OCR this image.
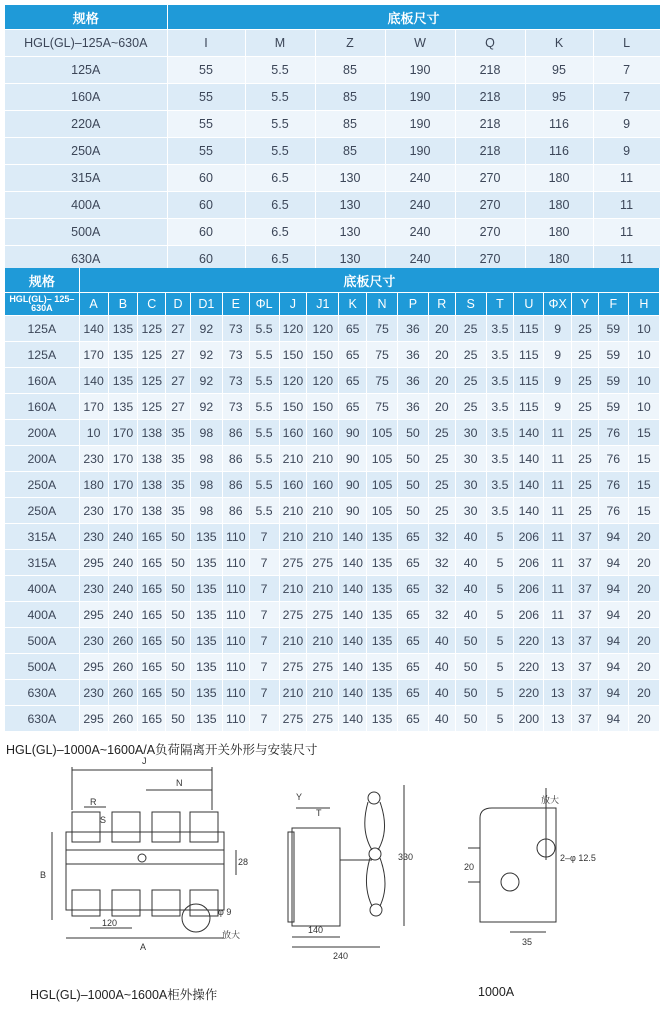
规格	底板尺寸						
HGL(GL)–125A~630A	I	M	Z	W	Q	K	L
125A	55	5.5	85	190	218	95	7
160A	55	5.5	85	190	218	95	7
220A	55	5.5	85	190	218	116	9
250A	55	5.5	85	190	218	116	9
315A	60	6.5	130	240	270	180	11
400A	60	6.5	130	240	270	180	11
500A	60	6.5	130	240	270	180	11
630A	60	6.5	130	240	270	180	11
规格	底板尺寸																			
HGL(GL)– 125–630A	A	B	C	D	D1	E	ΦL	J	J1	K	N	P	R	S	T	U	ΦX	Y	F	H
125A	140	135	125	27	92	73	5.5	120	120	65	75	36	20	25	3.5	115	9	25	59	10
125A	170	135	125	27	92	73	5.5	150	150	65	75	36	20	25	3.5	115	9	25	59	10
160A	140	135	125	27	92	73	5.5	120	120	65	75	36	20	25	3.5	115	9	25	59	10
160A	170	135	125	27	92	73	5.5	150	150	65	75	36	20	25	3.5	115	9	25	59	10
200A	10	170	138	35	98	86	5.5	160	160	90	105	50	25	30	3.5	140	11	25	76	15
200A	230	170	138	35	98	86	5.5	210	210	90	105	50	25	30	3.5	140	11	25	76	15
250A	180	170	138	35	98	86	5.5	160	160	90	105	50	25	30	3.5	140	11	25	76	15
250A	230	170	138	35	98	86	5.5	210	210	90	105	50	25	30	3.5	140	11	25	76	15
315A	230	240	165	50	135	110	7	210	210	140	135	65	32	40	5	206	11	37	94	20
315A	295	240	165	50	135	110	7	275	275	140	135	65	32	40	5	206	11	37	94	20
400A	230	240	165	50	135	110	7	210	210	140	135	65	32	40	5	206	11	37	94	20
400A	295	240	165	50	135	110	7	275	275	140	135	65	32	40	5	206	11	37	94	20
500A	230	260	165	50	135	110	7	210	210	140	135	65	40	50	5	220	13	37	94	20
500A	295	260	165	50	135	110	7	275	275	140	135	65	40	50	5	220	13	37	94	20
630A	230	260	165	50	135	110	7	210	210	140	135	65	40	50	5	220	13	37	94	20
630A	295	260	165	50	135	110	7	275	275	140	135	65	40	50	5	200	13	37	94	20
HGL(GL)–1000A~1600A/A负荷隔离开关外形与安装尺寸
J
N
R
S
B
A
120
28
φ 9
放大
Y
T
330
140
240
放大
20
2–φ 12.5
35
HGL(GL)–1000A~1600A柜外操作	1000A
